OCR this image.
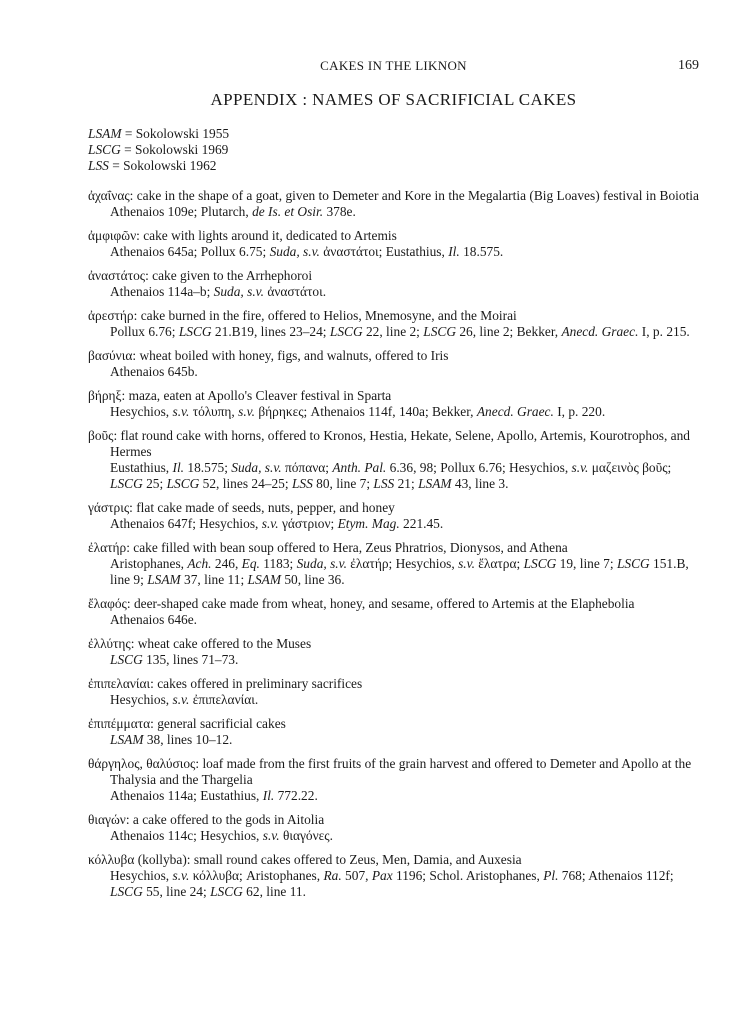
CAKES IN THE LIKNON	169
APPENDIX : NAMES OF SACRIFICIAL CAKES
LSAM = Sokolowski 1955
LSCG = Sokolowski 1969
LSS = Sokolowski 1962
ἀχαΐνας: cake in the shape of a goat, given to Demeter and Kore in the Megalartia (Big Loaves) festival in Boiotia
Athenaios 109e; Plutarch, de Is. et Osir. 378e.
ἀμφιφῶν: cake with lights around it, dedicated to Artemis
Athenaios 645a; Pollux 6.75; Suda, s.v. ἀναστάτοι; Eustathius, Il. 18.575.
ἀναστάτος: cake given to the Arrhephoroi
Athenaios 114a–b; Suda, s.v. ἀναστάτοι.
ἀρεστήρ: cake burned in the fire, offered to Helios, Mnemosyne, and the Moirai
Pollux 6.76; LSCG 21.B19, lines 23–24; LSCG 22, line 2; LSCG 26, line 2; Bekker, Anecd. Graec. I, p. 215.
βασύνια: wheat boiled with honey, figs, and walnuts, offered to Iris
Athenaios 645b.
βήρηξ: maza, eaten at Apollo's Cleaver festival in Sparta
Hesychios, s.v. τόλυπη, s.v. βήρηκες; Athenaios 114f, 140a; Bekker, Anecd. Graec. I, p. 220.
βοῦς: flat round cake with horns, offered to Kronos, Hestia, Hekate, Selene, Apollo, Artemis, Kourotrophos, and Hermes
Eustathius, Il. 18.575; Suda, s.v. πόπανα; Anth. Pal. 6.36, 98; Pollux 6.76; Hesychios, s.v. μαζεινὸς βοῦς; LSCG 25; LSCG 52, lines 24–25; LSS 80, line 7; LSS 21; LSAM 43, line 3.
γάστρις: flat cake made of seeds, nuts, pepper, and honey
Athenaios 647f; Hesychios, s.v. γάστριον; Etym. Mag. 221.45.
ἐλατήρ: cake filled with bean soup offered to Hera, Zeus Phratrios, Dionysos, and Athena
Aristophanes, Ach. 246, Eq. 1183; Suda, s.v. ἐλατήρ; Hesychios, s.v. ἔλατρα; LSCG 19, line 7; LSCG 151.B, line 9; LSAM 37, line 11; LSAM 50, line 36.
ἔλαφός: deer-shaped cake made from wheat, honey, and sesame, offered to Artemis at the Elaphebolia
Athenaios 646e.
ἐλλύτης: wheat cake offered to the Muses
LSCG 135, lines 71–73.
ἐπιπελανίαι: cakes offered in preliminary sacrifices
Hesychios, s.v. ἐπιπελανίαι.
ἐπιπέμματα: general sacrificial cakes
LSAM 38, lines 10–12.
θάργηλος, θαλύσιος: loaf made from the first fruits of the grain harvest and offered to Demeter and Apollo at the Thalysia and the Thargelia
Athenaios 114a; Eustathius, Il. 772.22.
θιαγών: a cake offered to the gods in Aitolia
Athenaios 114c; Hesychios, s.v. θιαγόνες.
κόλλυβα (kollyba): small round cakes offered to Zeus, Men, Damia, and Auxesia
Hesychios, s.v. κόλλυβα; Aristophanes, Ra. 507, Pax 1196; Schol. Aristophanes, Pl. 768; Athenaios 112f; LSCG 55, line 24; LSCG 62, line 11.
